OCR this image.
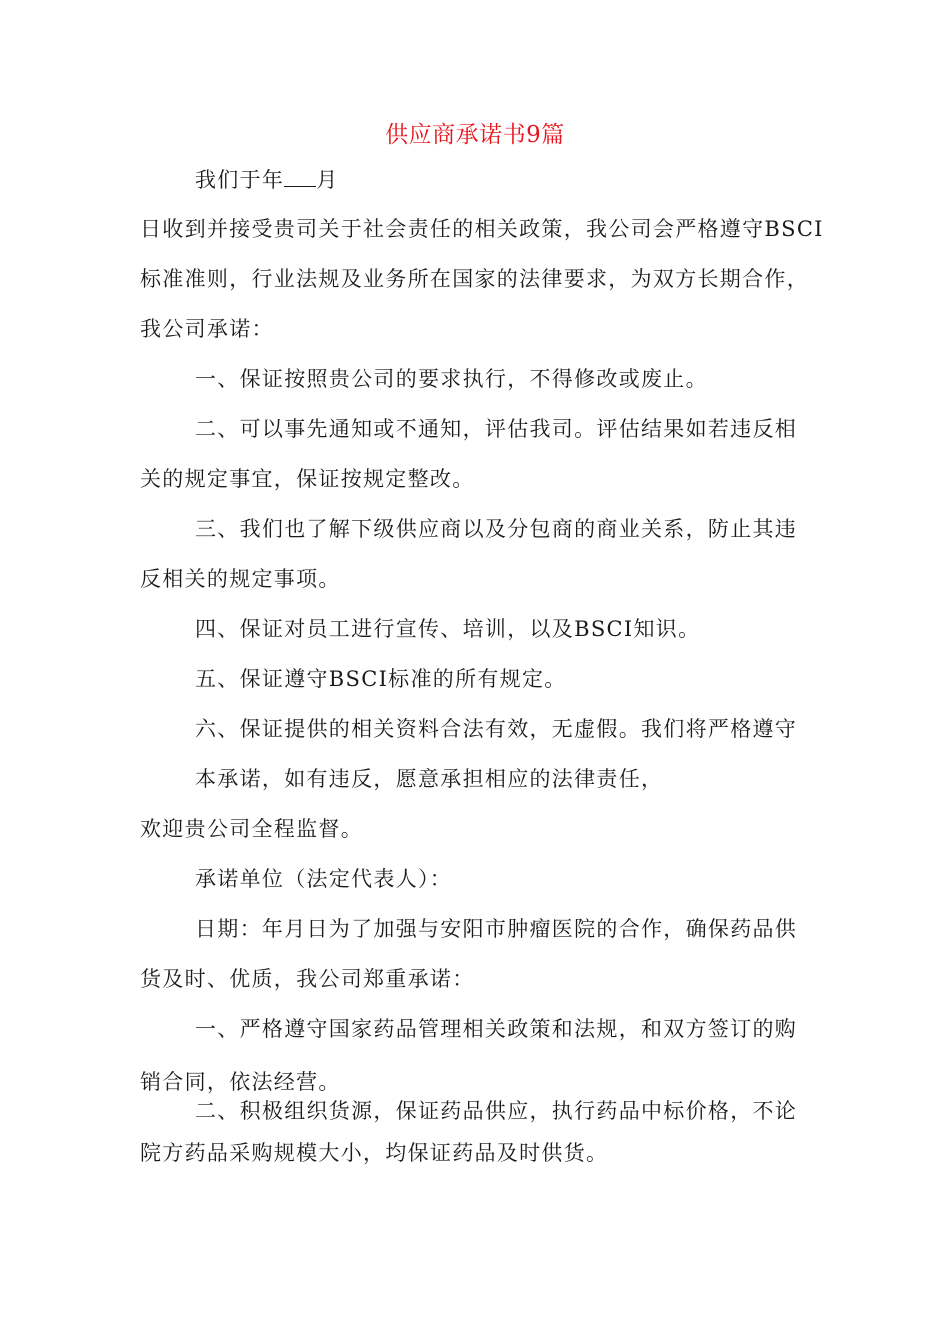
供应商承诺书9篇
我们于年 月
日收到并接受贵司关于社会责任的相关政策，我公司会严格遵守BSCI
标准准则，行业法规及业务所在国家的法律要求，为双方长期合作，
我公司承诺：
一、保证按照贵公司的要求执行，不得修改或废止。
二、可以事先通知或不通知，评估我司。评估结果如若违反相
关的规定事宜，保证按规定整改。
三、我们也了解下级供应商以及分包商的商业关系，防止其违
反相关的规定事项。
四、保证对员工进行宣传、培训，以及BSCI知识。
五、保证遵守BSCI标准的所有规定。
六、保证提供的相关资料合法有效，无虚假。我们将严格遵守
本承诺，如有违反，愿意承担相应的法律责任，
欢迎贵公司全程监督。
承诺单位（法定代表人）：
日期：年月日为了加强与安阳市肿瘤医院的合作，确保药品供
货及时、优质，我公司郑重承诺：
一、严格遵守国家药品管理相关政策和法规，和双方签订的购
销合同，依法经营。
二、积极组织货源，保证药品供应，执行药品中标价格，不论
院方药品采购规模大小，均保证药品及时供货。
